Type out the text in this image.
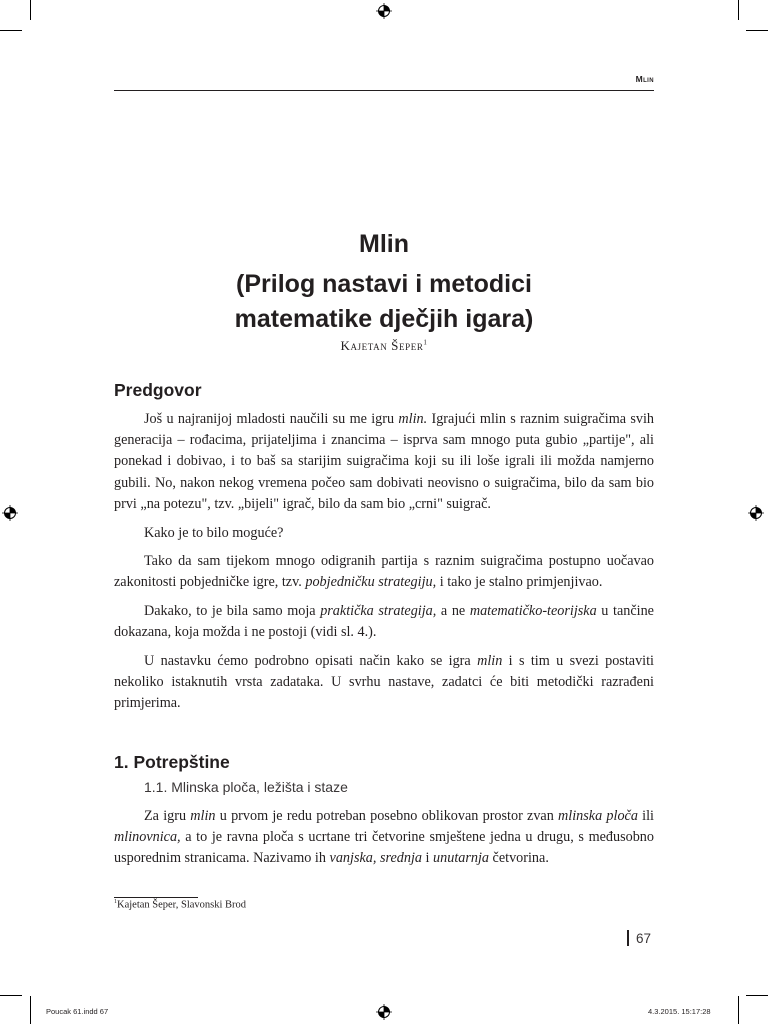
Mlin
Mlin
(Prilog nastavi i metodici
matematike dječjih igara)
Kajetan Šeper$^1$
Predgovor

Još u najranijoj mladosti naučili su me igru mlin. Igrajući mlin s raznim suigračima svih generacija – rođacima, prijateljima i znancima – isprva sam mnogo puta gubio „partije", ali ponekad i dobivao, i to baš sa starijim suigračima koji su ili loše igrali ili možda namjerno gubili. No, nakon nekog vremena počeo sam dobivati neovisno o suigračima, bilo da sam bio prvi „na potezu", tzv. „bijeli" igrač, bilo da sam bio „crni" suigrač.

Kako je to bilo moguće?

Tako da sam tijekom mnogo odigranih partija s raznim suigračima postupno uočavao zakonitosti pobjedničke igre, tzv. pobjedničku strategiju, i tako je stalno primjenjivao.

Dakako, to je bila samo moja praktička strategija, a ne matematičko-teorijska u tančine dokazana, koja možda i ne postoji (vidi sl. 4.).

U nastavku ćemo podrobno opisati način kako se igra mlin i s tim u svezi postaviti nekoliko istaknutih vrsta zadataka. U svrhu nastave, zadatci će biti metodički razrađeni primjerima.

1. Potrepštine
1.1. Mlinska ploča, ležišta i staze

Za igru mlin u prvom je redu potreban posebno oblikovan prostor zvan mlinska ploča ili mlinovnica, a to je ravna ploča s ucrtane tri četvorine smještene jedna u drugu, s međusobno usporednim stranicama. Nazivamo ih vanjska, srednja i unutarnja četvorina.

$^1$Kajetan Šeper, Slavonski Brod
67
Poucak 61.indd 67	4.3.2015. 15:17:28
